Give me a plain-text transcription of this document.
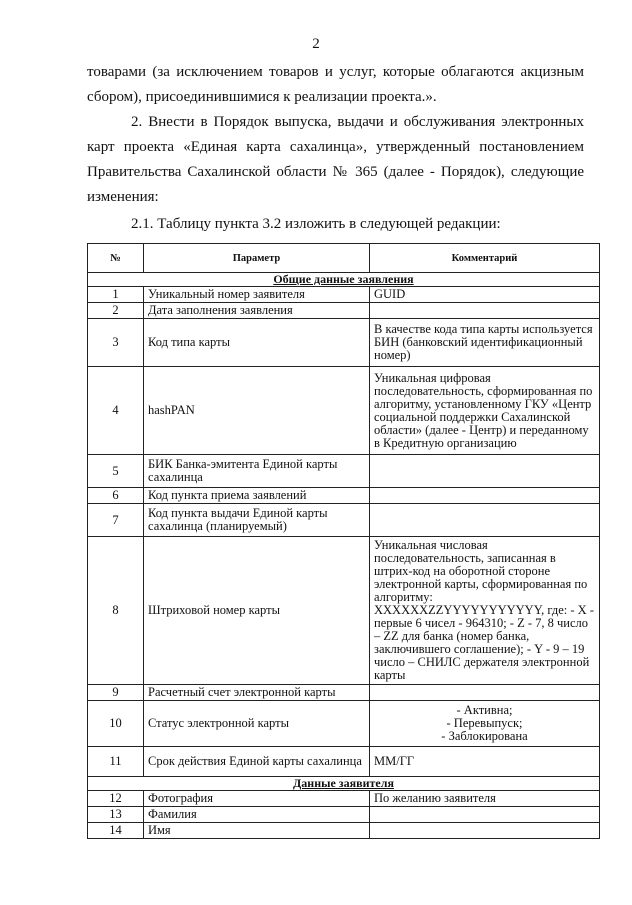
2
товарами (за исключением товаров и услуг, которые облагаются акцизным сбором), присоединившимися к реализации проекта.».
2. Внести в Порядок выпуска, выдачи и обслуживания электронных карт проекта «Единая карта сахалинца», утвержденный постановлением Правительства Сахалинской области № 365 (далее - Порядок), следующие изменения:
2.1. Таблицу пункта 3.2 изложить в следующей редакции:
№	Параметр	Комментарий
Общие данные заявления		
1	Уникальный номер заявителя	GUID
2	Дата заполнения заявления	
3	Код типа карты	В качестве кода типа карты используется БИН (банковский идентификационный номер)
4	hashPAN	Уникальная цифровая последовательность, сформированная по алгоритму, установленному ГКУ «Центр социальной поддержки Сахалинской области» (далее - Центр) и переданному в Кредитную организацию
5	БИК Банка-эмитента Единой карты сахалинца	
6	Код пункта приема заявлений	
7	Код пункта выдачи Единой карты сахалинца (планируемый)	
8	Штриховой номер карты	Уникальная числовая последовательность, записанная в штрих-код на оборотной стороне электронной карты, сформированная по алгоритму: XXXXXXZZYYYYYYYYYYY, где: - X - первые 6 чисел - 964310; - Z - 7, 8 число – ZZ для банка (номер банка, заключившего соглашение); - Y - 9 – 19 число – СНИЛС держателя электронной карты
9	Расчетный счет электронной карты	
10	Статус электронной карты	- Активна;
- Перевыпуск;
- Заблокирована

11	Срок действия Единой карты сахалинца	ММ/ГГ
Данные заявителя		
12	Фотография	По желанию заявителя
13	Фамилия	
14	Имя	
